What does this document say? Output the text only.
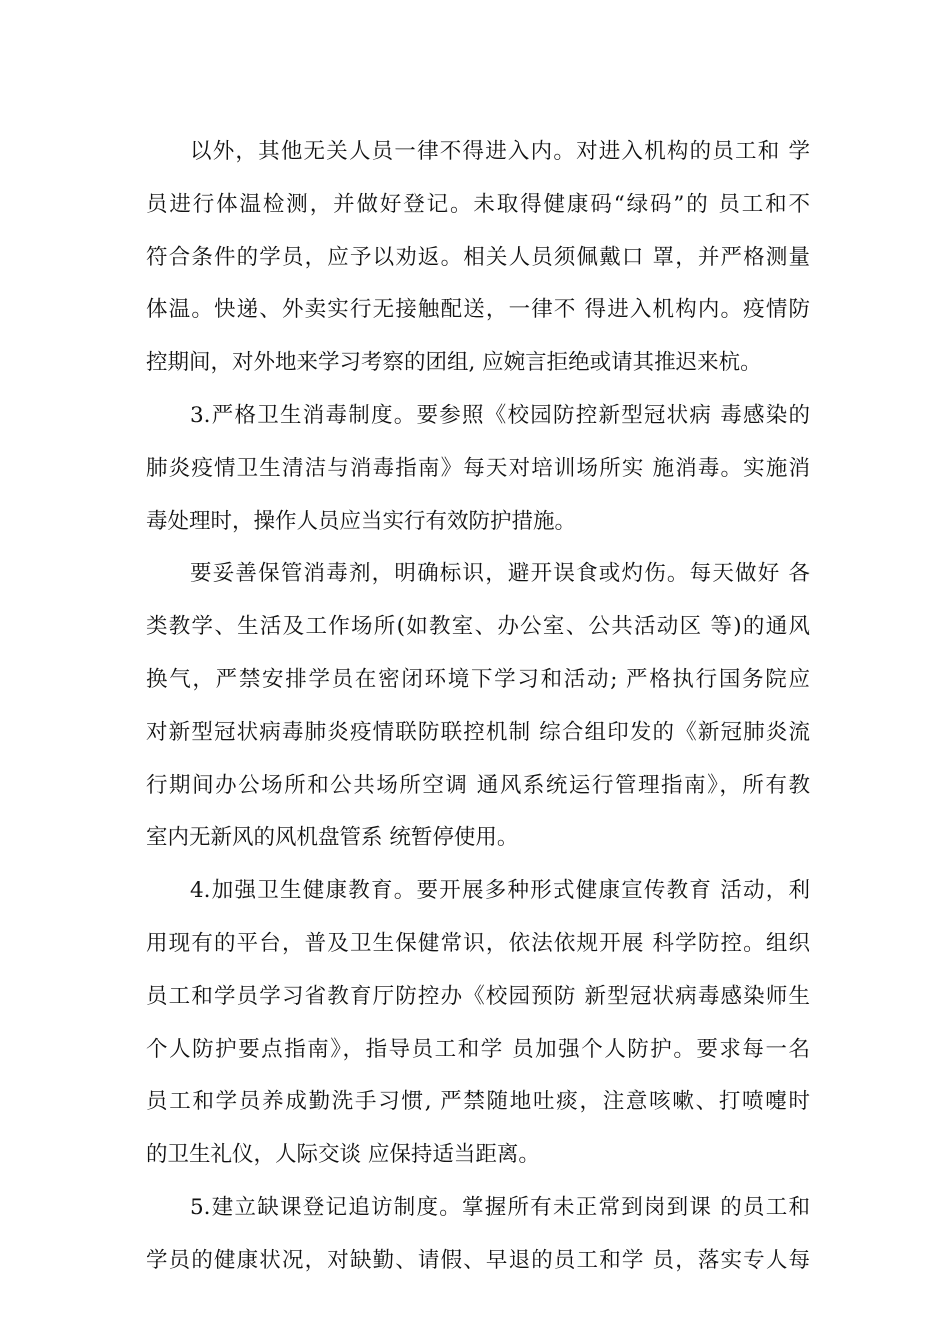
以外，其他无关人员一律不得进入内。对进入机构的员工和 学
员进行体温检测，并做好登记。未取得健康码“绿码”的 员工和不
符合条件的学员，应予以劝返。相关人员须佩戴口 罩，并严格测量
体温。快递、外卖实行无接触配送，一律不 得进入机构内。疫情防
控期间，对外地来学习考察的团组, 应婉言拒绝或请其推迟来杭。
3.严格卫生消毒制度。要参照《校园防控新型冠状病 毒感染的
肺炎疫情卫生清洁与消毒指南》每天对培训场所实 施消毒。实施消
毒处理时，操作人员应当实行有效防护措施。
要妥善保管消毒剂，明确标识，避开误食或灼伤。每天做好 各
类教学、生活及工作场所(如教室、办公室、公共活动区 等)的通风
换气，严禁安排学员在密闭环境下学习和活动; 严格执行国务院应
对新型冠状病毒肺炎疫情联防联控机制 综合组印发的《新冠肺炎流
行期间办公场所和公共场所空调 通风系统运行管理指南》，所有教
室内无新风的风机盘管系 统暂停使用。
4.加强卫生健康教育。要开展多种形式健康宣传教育 活动，利
用现有的平台，普及卫生保健常识，依法依规开展 科学防控。组织
员工和学员学习省教育厅防控办《校园预防 新型冠状病毒感染师生
个人防护要点指南》，指导员工和学 员加强个人防护。要求每一名
员工和学员养成勤洗手习惯, 严禁随地吐痰，注意咳嗽、打喷嚏时
的卫生礼仪，人际交谈 应保持适当距离。
5.建立缺课登记追访制度。掌握所有未正常到岗到课 的员工和
学员的健康状况，对缺勤、请假、早退的员工和学 员，落实专人每
